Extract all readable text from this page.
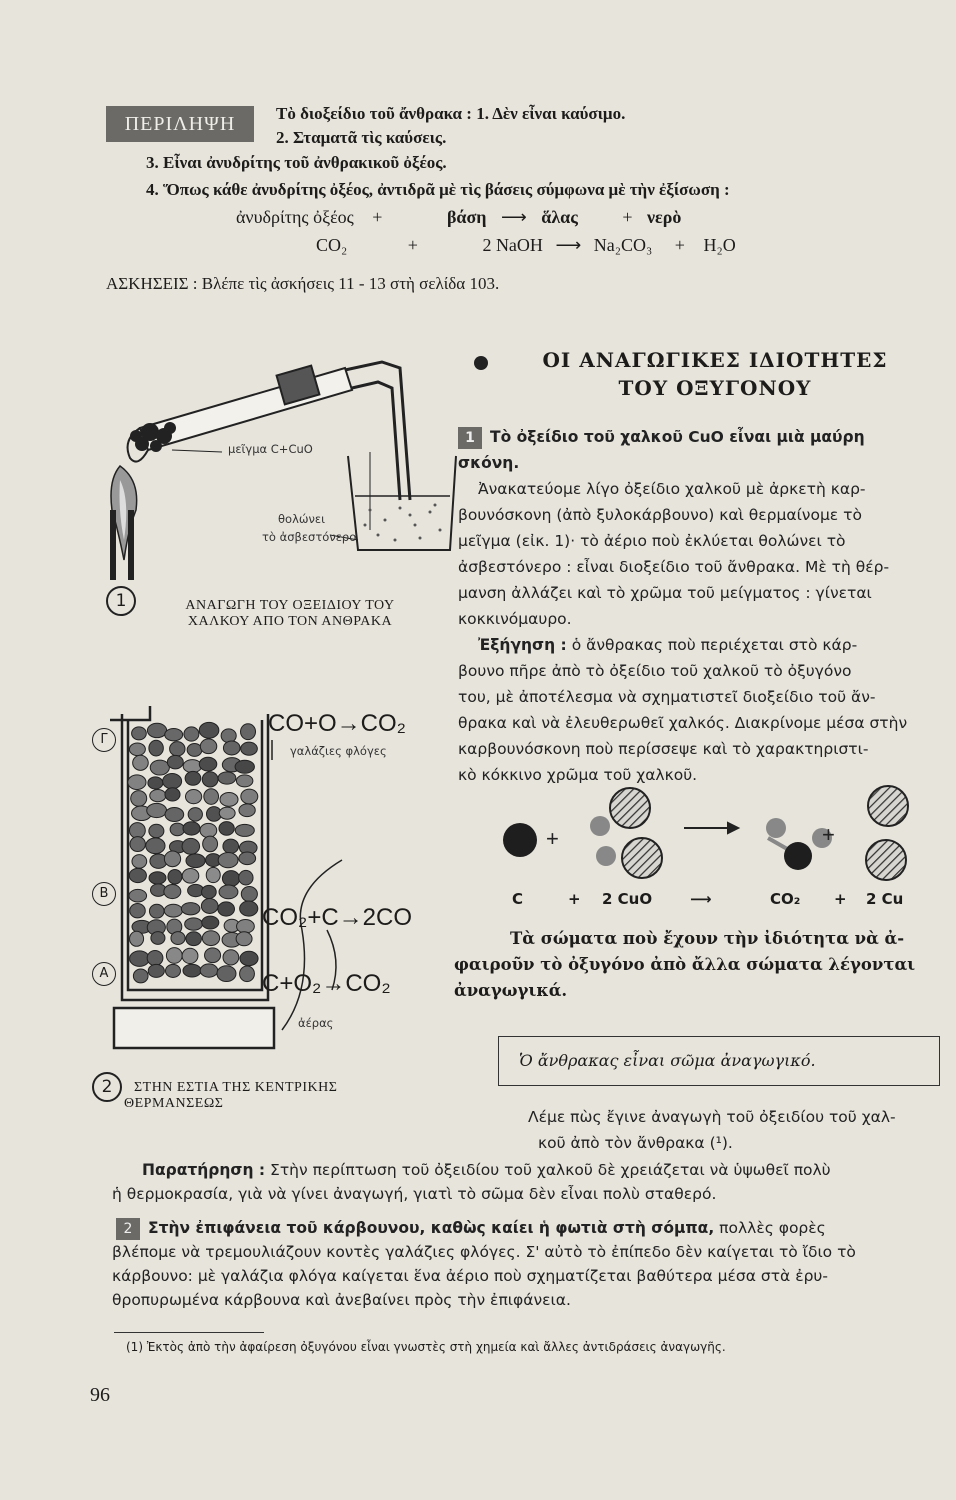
ΠΕΡΙΛΗΨΗ	Τὸ διοξείδιο τοῦ ἄνθρακα : 1. Δὲν εἶναι καύσιμο.
2. Σταματᾶ τὶς καύσεις.
3. Εἶναι ἀνυδρίτης τοῦ ἀνθρακικοῦ ὀξέος.
4. Ὅπως κάθε ἀνυδρίτης ὀξέος, ἀντιδρᾶ μὲ τὶς βάσεις σύμφωνα μὲ τὴν ἐξίσωση :
ἀνυδρίτης ὀξέος +	βάση ⟶ ἅλας + νερὸ
CO₂	+	2 NaOH ⟶ Na₂CO₃ + H₂O
ΑΣΚΗΣΕΙΣ : Βλέπε τὶς ἀσκήσεις 11 - 13 στὴ σελίδα 103.
μεῖγμα C+CuO
θολώνει
τὸ ἀσβεστόνερο
1	ΑΝΑΓΩΓΗ ΤΟΥ ΟΞΕΙΔΙΟΥ ΤΟΥ
ΧΑΛΚΟΥ ΑΠΟ ΤΟΝ ΑΝΘΡΑΚΑ
Γ
B
A
CO+O→CO₂
γαλάζιες φλόγες
CO₂+C→2CO
C+O₂→CO₂
ἀέρας
2	ΣΤΗΝ ΕΣΤΙΑ ΤΗΣ ΚΕΝΤΡΙΚΗΣ
ΘΕΡΜΑΝΣΕΩΣ
ΟΙ ΑΝΑΓΩΓΙΚΕΣ ΙΔΙΟΤΗΤΕΣ
ΤΟΥ ΟΞΥΓΟΝΟΥ
1 Τὸ ὀξείδιο τοῦ χαλκοῦ CuO εἶναι μιὰ μαύρη
σκόνη.
Ἀνακατεύομε λίγο ὀξείδιο χαλκοῦ μὲ ἀρκετὴ καρ-
βουνόσκονη (ἀπὸ ξυλοκάρβουνο) καὶ θερμαίνομε τὸ
μεῖγμα (εἰκ. 1)· τὸ ἀέριο ποὺ ἐκλύεται θολώνει τὸ
ἀσβεστόνερο : εἶναι διοξείδιο τοῦ ἄνθρακα. Μὲ τὴ θέρ-
μανση ἀλλάζει καὶ τὸ χρῶμα τοῦ μείγματος : γίνεται
κοκκινόμαυρο.
Ἐξήγηση : ὁ ἄνθρακας ποὺ περιέχεται στὸ κάρ-
βουνο πῆρε ἀπὸ τὸ ὀξείδιο τοῦ χαλκοῦ τὸ ὀξυγόνο
του, μὲ ἀποτέλεσμα νὰ σχηματιστεῖ διοξείδιο τοῦ ἄν-
θρακα καὶ νὰ ἐλευθερωθεῖ χαλκός. Διακρίνομε μέσα στὴν
καρβουνόσκονη ποὺ περίσσεψε καὶ τὸ χαρακτηριστι-
κὸ κόκκινο χρῶμα τοῦ χαλκοῦ.
+	+
C	+ 2 CuO	⟶	CO₂ + 2 Cu
Τὰ σώματα ποὺ ἔχουν τὴν ἰδιότητα νὰ ἀ-
φαιροῦν τὸ ὀξυγόνο ἀπὸ ἄλλα σώματα λέγονται
ἀναγωγικά.
Ὁ ἄνθρακας εἶναι σῶμα ἀναγωγικό.
Λέμε πὼς ἔγινε ἀναγωγὴ τοῦ ὀξειδίου τοῦ χαλ-
κοῦ ἀπὸ τὸν ἄνθρακα (¹).
Παρατήρηση : Στὴν περίπτωση τοῦ ὀξειδίου τοῦ χαλκοῦ δὲ χρειάζεται νὰ ὑψωθεῖ πολὺ
ἡ θερμοκρασία, γιὰ νὰ γίνει ἀναγωγή, γιατὶ τὸ σῶμα δὲν εἶναι πολὺ σταθερό.
2 Στὴν ἐπιφάνεια τοῦ κάρβουνου, καθὼς καίει ἡ φωτιὰ στὴ σόμπα, πολλὲς φορὲς
βλέπομε νὰ τρεμουλιάζουν κοντὲς γαλάζιες φλόγες. Σ' αὐτὸ τὸ ἐπίπεδο δὲν καίγεται τὸ ἴδιο τὸ
κάρβουνο: μὲ γαλάζια φλόγα καίγεται ἕνα ἀέριο ποὺ σχηματίζεται βαθύτερα μέσα στὰ ἐρυ-
θροπυρωμένα κάρβουνα καὶ ἀνεβαίνει πρὸς τὴν ἐπιφάνεια.
(1) Ἐκτὸς ἀπὸ τὴν ἀφαίρεση ὀξυγόνου εἶναι γνωστὲς στὴ χημεία καὶ ἄλλες ἀντιδράσεις ἀναγωγῆς.
96
